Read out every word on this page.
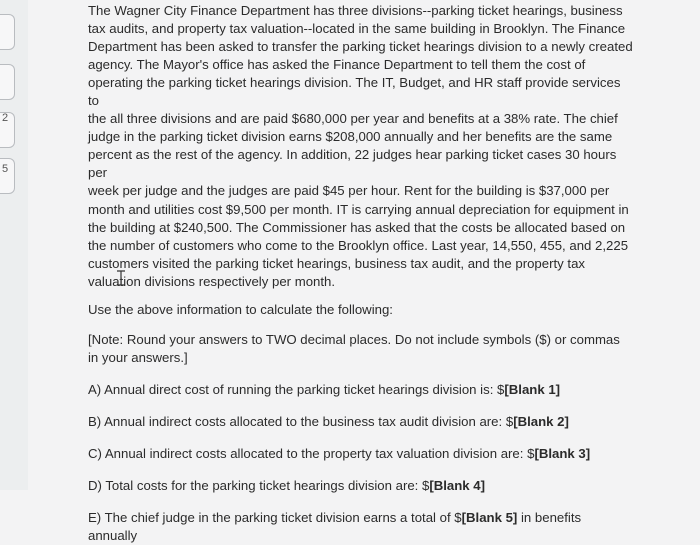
2
5

The Wagner City Finance Department has three divisions--parking ticket hearings, business
tax audits, and property tax valuation--located in the same building in Brooklyn. The Finance
Department has been asked to transfer the parking ticket hearings division to a newly created
agency. The Mayor's office has asked the Finance Department to tell them the cost of
operating the parking ticket hearings division. The IT, Budget, and HR staff provide services to
the all three divisions and are paid $680,000 per year and benefits at a 38% rate. The chief
judge in the parking ticket division earns $208,000 annually and her benefits are the same
percent as the rest of the agency. In addition, 22 judges hear parking ticket cases 30 hours per
week per judge and the judges are paid $45 per hour. Rent for the building is $37,000 per
month and utilities cost $9,500 per month. IT is carrying annual depreciation for equipment in
the building at $240,500. The Commissioner has asked that the costs be allocated based on
the number of customers who come to the Brooklyn office. Last year, 14,550, 455, and 2,225
customers visited the parking ticket hearings, business tax audit, and the property tax
valuation divisions respectively per month.

Use the above information to calculate the following:

[Note: Round your answers to TWO decimal places. Do not include symbols ($) or commas in your answers.]

A) Annual direct cost of running the parking ticket hearings division is: $[Blank 1]

B) Annual indirect costs allocated to the business tax audit division are: $[Blank 2]

C) Annual indirect costs allocated to the property tax valuation division are: $[Blank 3]

D) Total costs for the parking ticket hearings division are: $[Blank 4]

E) The chief judge in the parking ticket division earns a total of $[Blank 5] in benefits annually
